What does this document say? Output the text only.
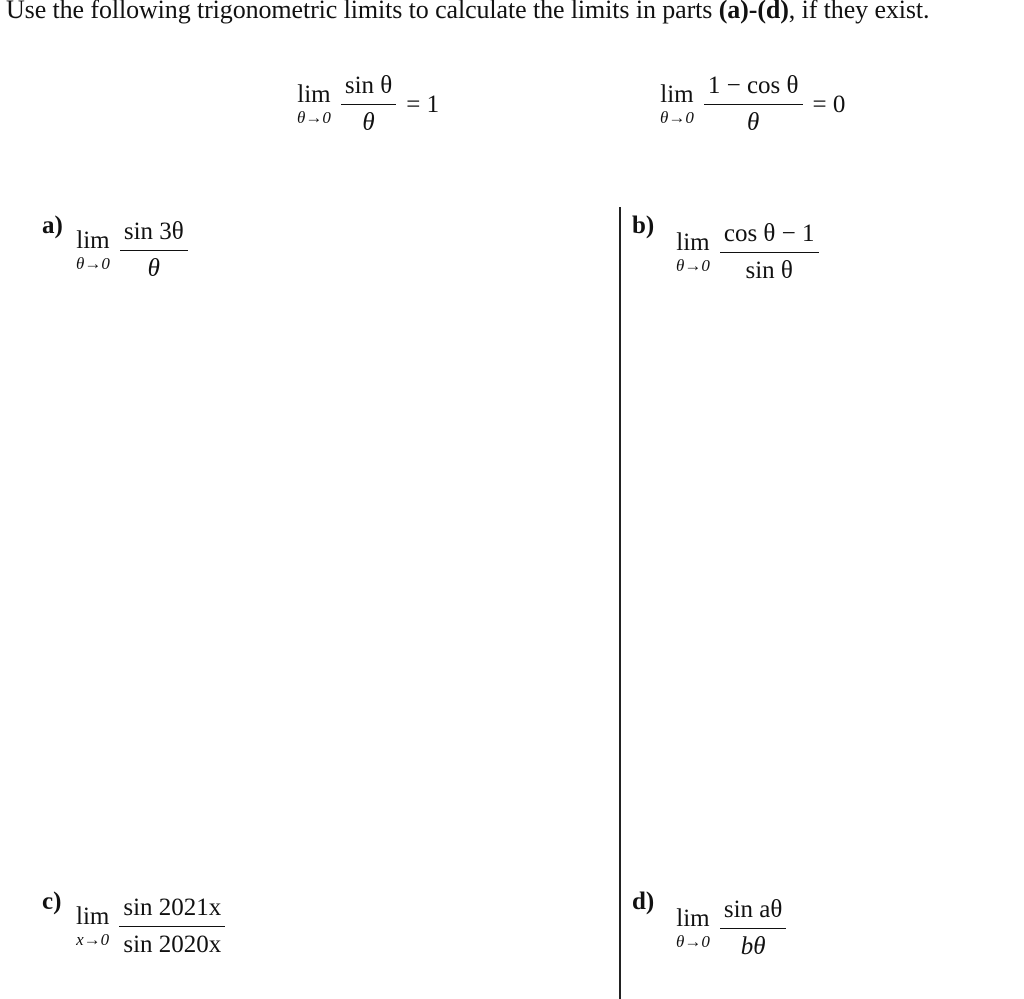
Use the following trigonometric limits to calculate the limits in parts (a)-(d), if they exist.
lim
$\theta\to 0 \frac{\text{sin θ}}{\theta} = 1$	lim
$\theta\to 0 \frac{\text{1 − cos θ}}{\theta} = 0$
a)
lim
$\theta\to 0 \frac{\sin 3\theta}{\theta}$	b)
lim
$\theta\to 0 \frac{\text{cos θ − 1}}{\text{sin θ}}$
c)
lim
$x\to 0 \frac{\sin 2021x}{\sin 2020x}$	d)
lim
$\theta\to 0 \frac{\text{sin aθ}}{b\theta}$
